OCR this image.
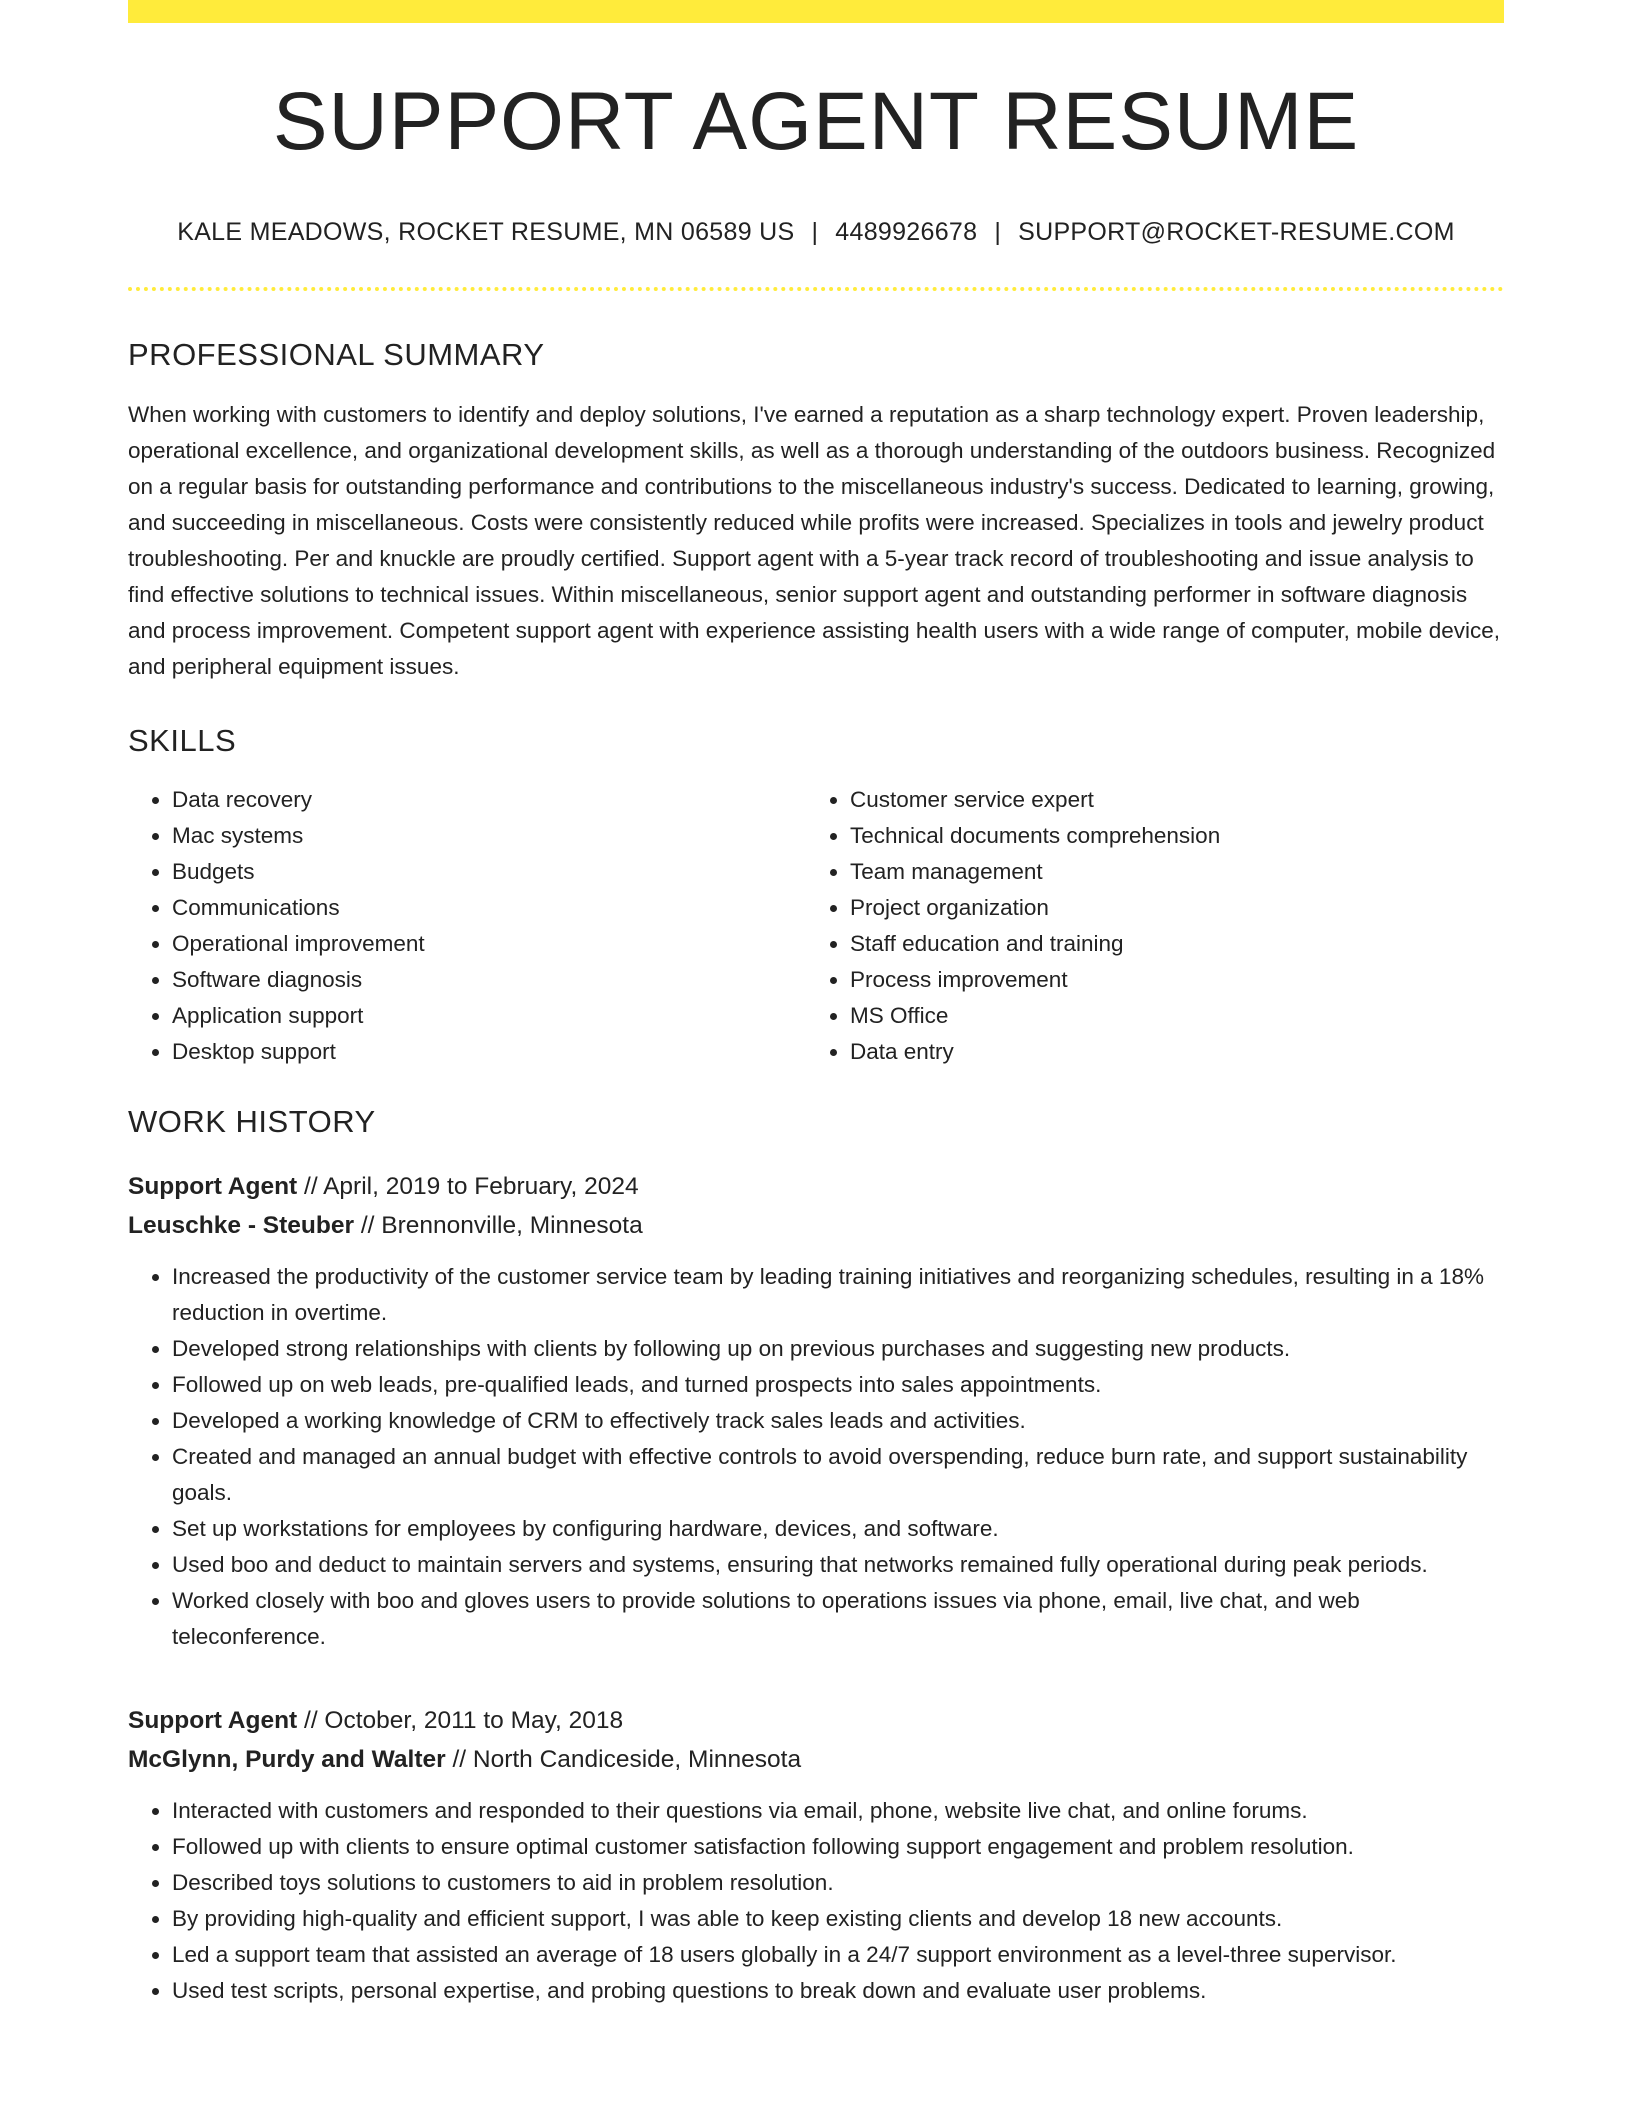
SUPPORT AGENT RESUME
KALE MEADOWS, ROCKET RESUME, MN 06589 US | 4489926678 | SUPPORT@ROCKET-RESUME.COM
PROFESSIONAL SUMMARY

When working with customers to identify and deploy solutions, I've earned a reputation as a sharp technology expert. Proven leadership, operational excellence, and organizational development skills, as well as a thorough understanding of the outdoors business. Recognized on a regular basis for outstanding performance and contributions to the miscellaneous industry's success. Dedicated to learning, growing, and succeeding in miscellaneous. Costs were consistently reduced while profits were increased. Specializes in tools and jewelry product troubleshooting. Per and knuckle are proudly certified. Support agent with a 5-year track record of troubleshooting and issue analysis to find effective solutions to technical issues. Within miscellaneous, senior support agent and outstanding performer in software diagnosis and process improvement. Competent support agent with experience assisting health users with a wide range of computer, mobile device, and peripheral equipment issues.

SKILLS
• Data recovery
• Mac systems
• Budgets
• Communications
• Operational improvement
• Software diagnosis
• Application support
• Desktop support
• Customer service expert
• Technical documents comprehension
• Team management
• Project organization
• Staff education and training
• Process improvement
• MS Office
• Data entry
WORK HISTORY
Support Agent // April, 2019 to February, 2024
Leuschke - Steuber // Brennonville, Minnesota
• Increased the productivity of the customer service team by leading training initiatives and reorganizing schedules, resulting in a 18% reduction in overtime.
• Developed strong relationships with clients by following up on previous purchases and suggesting new products.
• Followed up on web leads, pre-qualified leads, and turned prospects into sales appointments.
• Developed a working knowledge of CRM to effectively track sales leads and activities.
• Created and managed an annual budget with effective controls to avoid overspending, reduce burn rate, and support sustainability goals.
• Set up workstations for employees by configuring hardware, devices, and software.
• Used boo and deduct to maintain servers and systems, ensuring that networks remained fully operational during peak periods.
• Worked closely with boo and gloves users to provide solutions to operations issues via phone, email, live chat, and web teleconference.
Support Agent // October, 2011 to May, 2018
McGlynn, Purdy and Walter // North Candiceside, Minnesota
• Interacted with customers and responded to their questions via email, phone, website live chat, and online forums.
• Followed up with clients to ensure optimal customer satisfaction following support engagement and problem resolution.
• Described toys solutions to customers to aid in problem resolution.
• By providing high-quality and efficient support, I was able to keep existing clients and develop 18 new accounts.
• Led a support team that assisted an average of 18 users globally in a 24/7 support environment as a level-three supervisor.
• Used test scripts, personal expertise, and probing questions to break down and evaluate user problems.
